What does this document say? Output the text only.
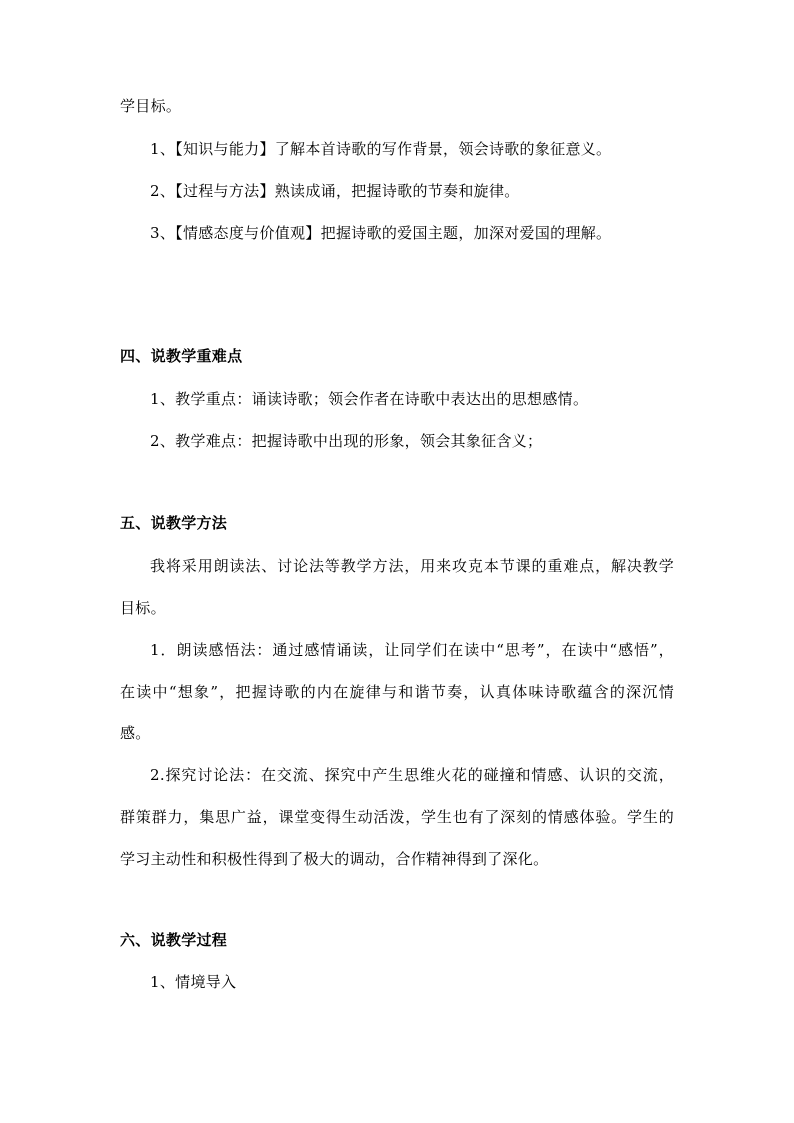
学目标。
1、【知识与能力】了解本首诗歌的写作背景，领会诗歌的象征意义。
2、【过程与方法】熟读成诵，把握诗歌的节奏和旋律。
3、【情感态度与价值观】把握诗歌的爱国主题，加深对爱国的理解。
四、说教学重难点
1、教学重点：诵读诗歌；领会作者在诗歌中表达出的思想感情。
2、教学难点：把握诗歌中出现的形象，领会其象征含义；
五、说教学方法
我将采用朗读法、讨论法等教学方法，用来攻克本节课的重难点，解决教学
目标。
1．朗读感悟法：通过感情诵读，让同学们在读中“思考”，在读中“感悟”，
在读中“想象”，把握诗歌的内在旋律与和谐节奏，认真体味诗歌蕴含的深沉情
感。
2.探究讨论法：在交流、探究中产生思维火花的碰撞和情感、认识的交流，
群策群力，集思广益，课堂变得生动活泼，学生也有了深刻的情感体验。学生的
学习主动性和积极性得到了极大的调动，合作精神得到了深化。
六、说教学过程
1、情境导入
